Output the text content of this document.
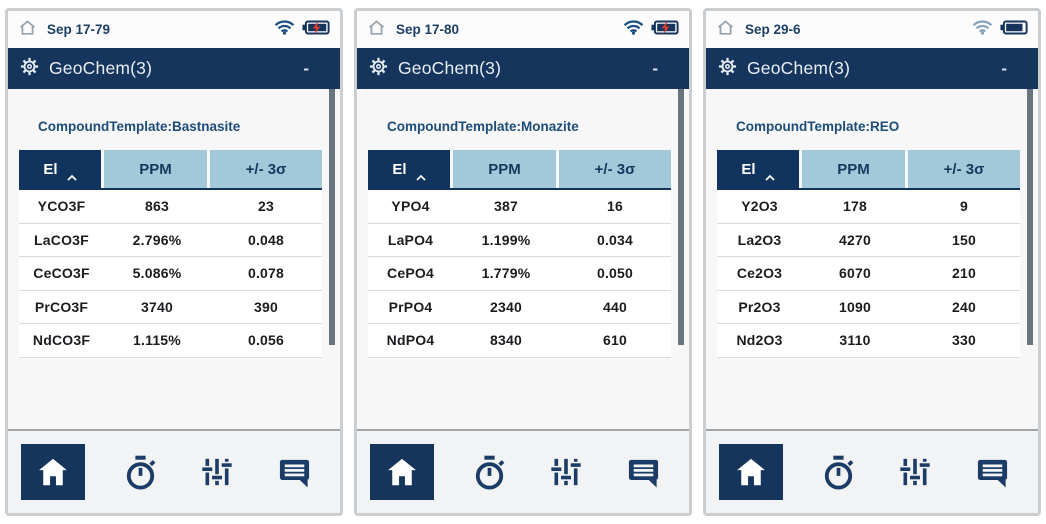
Sep 17-79
GeoChem(3)	-
CompoundTemplate:Bastnasite
El	PPM	+/- 3σ
YCO3F	863	23
LaCO3F	2.796%	0.048
CeCO3F	5.086%	0.078
PrCO3F	3740	390
NdCO3F	1.115%	0.056
Sep 17-80
GeoChem(3)	-
CompoundTemplate:Monazite
El	PPM	+/- 3σ
YPO4	387	16
LaPO4	1.199%	0.034
CePO4	1.779%	0.050
PrPO4	2340	440
NdPO4	8340	610
Sep 29-6
GeoChem(3)	-
CompoundTemplate:REO
El	PPM	+/- 3σ
Y2O3	178	9
La2O3	4270	150
Ce2O3	6070	210
Pr2O3	1090	240
Nd2O3	3110	330
